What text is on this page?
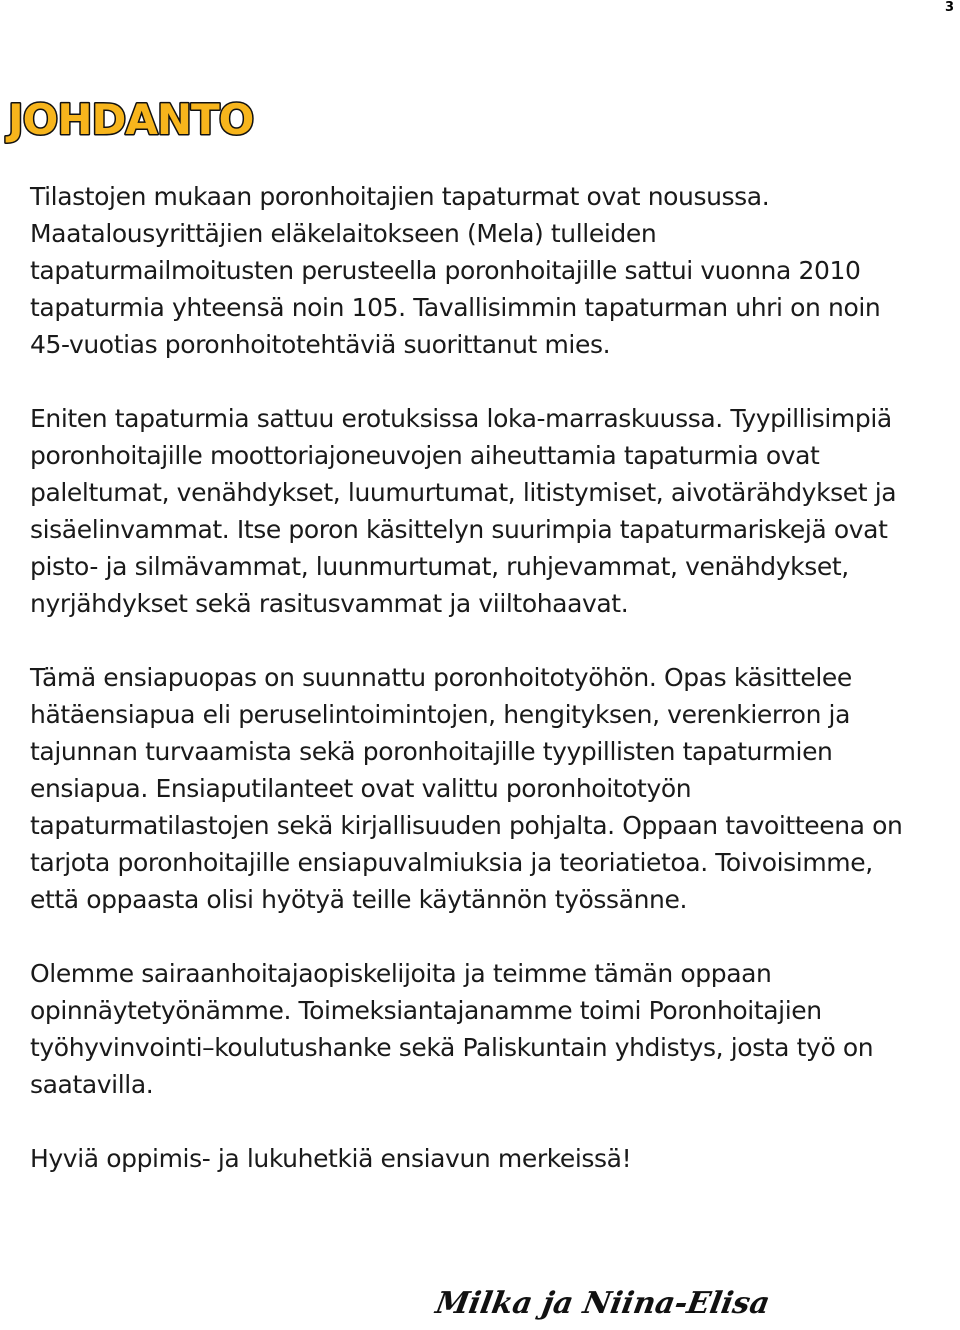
3
JOHDANTO

Tilastojen mukaan poronhoitajien tapaturmat ovat nousussa. Maatalousyrittäjien eläkelaitokseen (Mela) tulleiden tapaturmailmoitusten perusteella poronhoitajille sattui vuonna 2010 tapaturmia yhteensä noin 105. Tavallisimmin tapaturman uhri on noin 45-vuotias poronhoitotehtäviä suorittanut mies.

Eniten tapaturmia sattuu erotuksissa loka-marraskuussa. Tyypillisimpiä poronhoitajille moottoriajoneuvojen aiheuttamia tapaturmia ovat paleltumat, venähdykset, luumurtumat, litistymiset, aivotärähdykset ja sisäelinvammat. Itse poron käsittelyn suurimpia tapaturmariskejä ovat pisto- ja silmävammat, luunmurtumat, ruhjevammat, venähdykset, nyrjähdykset sekä rasitusvammat ja viiltohaavat.

Tämä ensiapuopas on suunnattu poronhoitotyöhön. Opas käsittelee hätäensiapua eli peruselintoimintojen, hengityksen, verenkierron ja tajunnan turvaamista sekä poronhoitajille tyypillisten tapaturmien ensiapua. Ensiaputilanteet ovat valittu poronhoitotyön tapaturmatilastojen sekä kirjallisuuden pohjalta. Oppaan tavoitteena on tarjota poronhoitajille ensiapuvalmiuksia ja teoriatietoa. Toivoisimme, että oppaasta olisi hyötyä teille käytännön työssänne.

Olemme sairaanhoitajaopiskelijoita ja teimme tämän oppaan opinnäytetyönämme. Toimeksiantajanamme toimi Poronhoitajien työhyvinvointi–koulutushanke sekä Paliskuntain yhdistys, josta työ on saatavilla.

Hyviä oppimis- ja lukuhetkiä ensiavun merkeissä!

Milka ja Niina-Elisa
